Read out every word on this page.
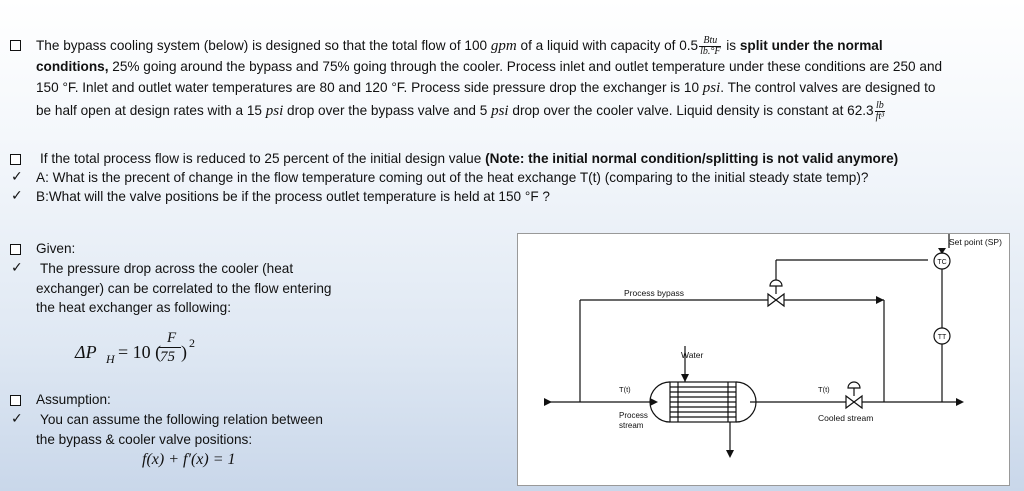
The bypass cooling system (below) is designed so that the total flow of 100 gpm of a liquid with capacity of $0.5 \frac{\text{Btu}}{lb.^\circ F}$ is split under the normal
conditions, 25% going around the bypass and 75% going through the cooler. Process inlet and outlet temperature under these conditions are 250 and
150 °F. Inlet and outlet water temperatures are 80 and 120 °F. Process side pressure drop the exchanger is 10 psi. The control valves are designed to
be half open at design rates with a 15 psi drop over the bypass valve and 5 psi drop over the cooler valve. Liquid density is constant at $62.3 \frac{lb}{\text{ft³}}$
If the total process flow is reduced to 25 percent of the initial design value (Note: the initial normal condition/splitting is not valid anymore)
✓ A: What is the precent of change in the flow temperature coming out of the heat exchange T(t) (comparing to the initial steady state temp)?
✓ B:What will the valve positions be if the process outlet temperature is held at 150 °F ?
Given:
✓ The pressure drop across the cooler (heat
exchanger) can be correlated to the flow entering
the heat exchanger as following:
ΔP H = 10 (
F
75 ) 2
Assumption:
✓ You can assume the following relation between
the bypass & cooler valve positions:
f(x) + f′(x) = 1
Set point (SP)
TC
TT
Process bypass
Water
T(t)	T(t)
Process
stream
Cooled stream
